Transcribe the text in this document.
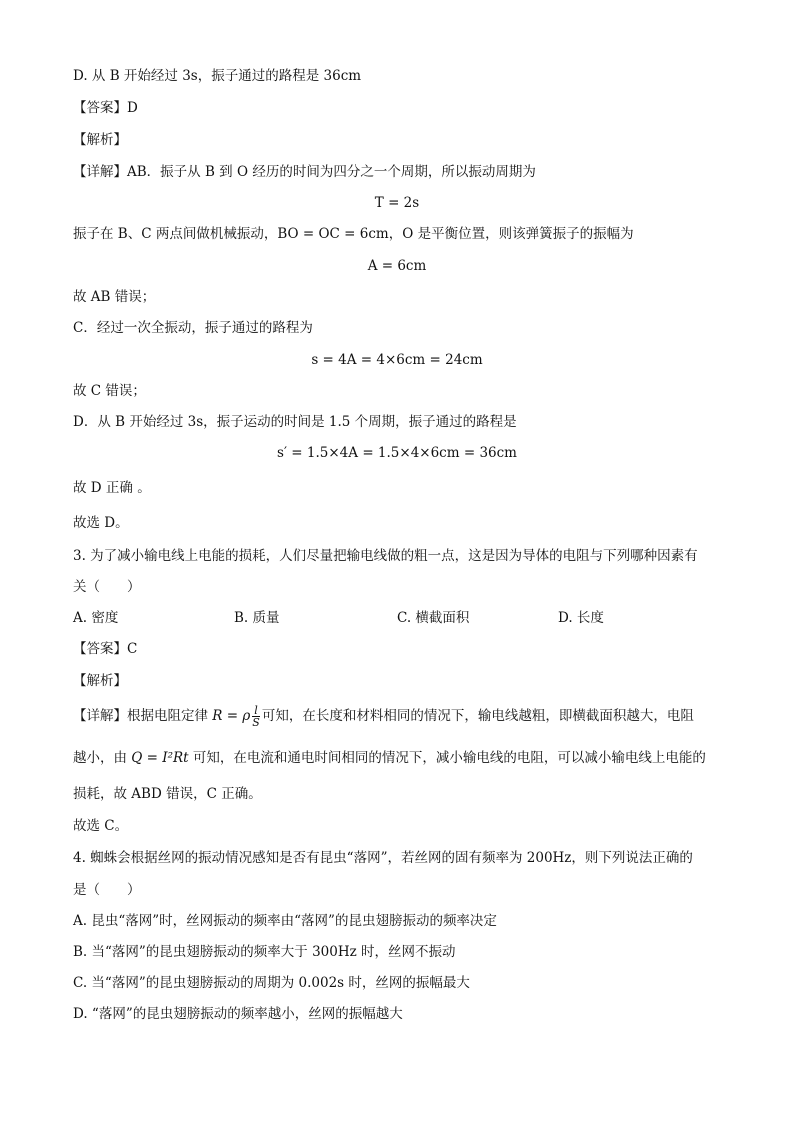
D. 从 B 开始经过 3s，振子通过的路程是 36cm
【答案】D
【解析】
【详解】AB．振子从 B 到 O 经历的时间为四分之一个周期，所以振动周期为
T = 2s
振子在 B、C 两点间做机械振动，BO = OC = 6cm，O 是平衡位置，则该弹簧振子的振幅为
A = 6cm
故 AB 错误；
C．经过一次全振动，振子通过的路程为
s = 4A = 4×6cm = 24cm
故 C 错误；
D．从 B 开始经过 3s，振子运动的时间是 1.5 个周期，振子通过的路程是
s′ = 1.5×4A = 1.5×4×6cm = 36cm
故 D 正确 。
故选 D。
3. 为了减小输电线上电能的损耗，人们尽量把输电线做的粗一点，这是因为导体的电阻与下列哪种因素有
关（　　）
A. 密度	B. 质量	C. 横截面积	D. 长度
【答案】C
【解析】
【详解】根据电阻定律 R = ρ $\frac{l}{S}$ 可知，在长度和材料相同的情况下，输电线越粗，即横截面积越大，电阻
越小，由 Q = I²Rt 可知，在电流和通电时间相同的情况下，减小输电线的电阻，可以减小输电线上电能的
损耗，故 ABD 错误，C 正确。
故选 C。
4. 蜘蛛会根据丝网的振动情况感知是否有昆虫“落网”，若丝网的固有频率为 200Hz，则下列说法正确的
是（　　）
A. 昆虫“落网”时，丝网振动的频率由“落网”的昆虫翅膀振动的频率决定
B. 当“落网”的昆虫翅膀振动的频率大于 300Hz 时，丝网不振动
C. 当“落网”的昆虫翅膀振动的周期为 0.002s 时，丝网的振幅最大
D. “落网”的昆虫翅膀振动的频率越小，丝网的振幅越大
